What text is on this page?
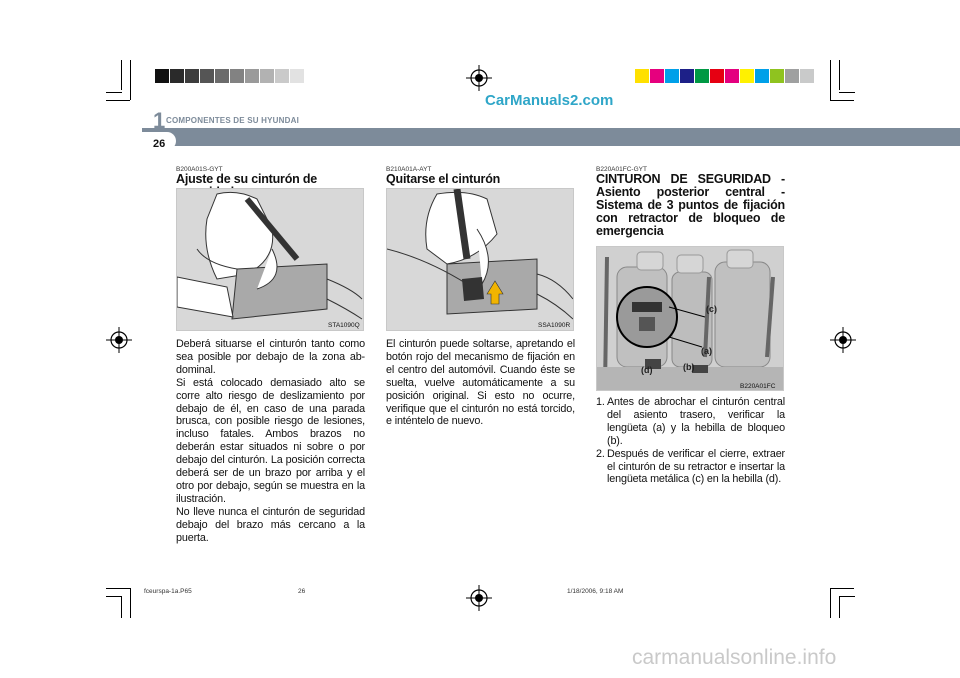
CarManuals2.com
1 COMPONENTES DE SU HYUNDAI
26
B200A01S-GYT
Ajuste de su cinturón de
STA1090Q

Deberá situarse el cinturón tanto como sea posible por debajo de la zona ab-dominal.

Si está colocado demasiado alto se corre alto riesgo de deslizamiento por debajo de él, en caso de una parada brusca, con posible riesgo de lesiones, incluso fatales. Ambos brazos no deberán estar situados ni sobre o por debajo del cinturón. La posición correcta deberá ser de un brazo por arriba y el otro por debajo, según se muestra en la ilustración.

No lleve nunca el cinturón de seguridad debajo del brazo más cercano a la puerta.

B210A01A-AYT
Quitarse el cinturón
SSA1090R

El cinturón puede soltarse, apretando el botón rojo del mecanismo de fijación en el centro del automóvil. Cuando éste se suelta, vuelve automáticamente a su posición original. Si esto no ocurre, verifique que el cinturón no está torcido, e inténtelo de nuevo.

B220A01FC-GYT
CINTURON DE SEGURIDAD - Asiento posterior central - Sistema de 3 puntos de fijación con retractor de bloqueo de emergencia
(c)
(a)
(b)
(d)
B220A01FC
1. Antes de abrochar el cinturón central del asiento trasero, verificar la lengüeta (a) y la hebilla de bloqueo (b).
2. Después de verificar el cierre, extraer el cinturón de su retractor e insertar la lengüeta metálica (c) en la hebilla (d).
fceurspa-1a.P65	26	1/18/2006, 9:18 AM
carmanualsonline.info
